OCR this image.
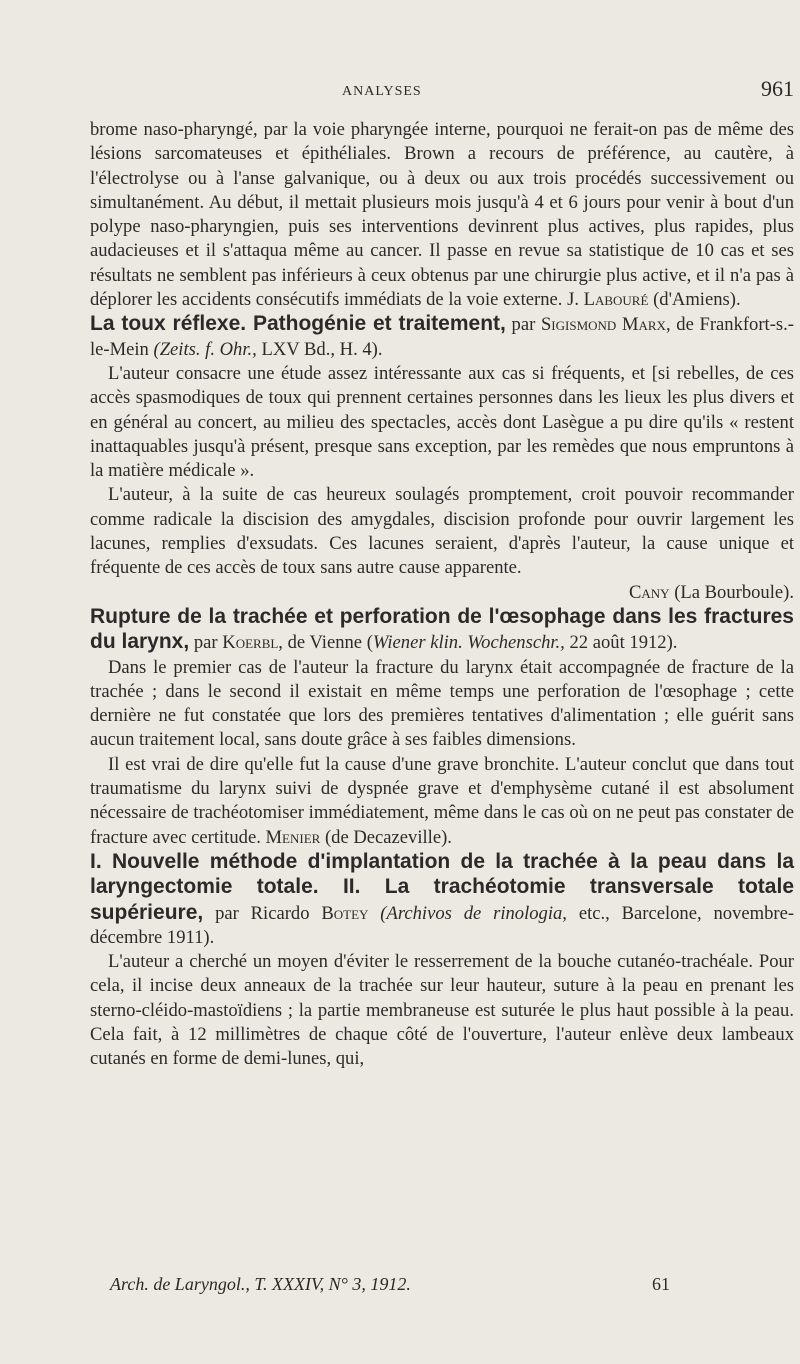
ANALYSES	961

brome naso-pharyngé, par la voie pharyngée interne, pourquoi ne ferait-on pas de même des lésions sarcomateuses et épithéliales. Brown a recours de préférence, au cautère, à l'électrolyse ou à l'anse galvanique, ou à deux ou aux trois procédés successivement ou simultanément. Au début, il mettait plusieurs mois jusqu'à 4 et 6 jours pour venir à bout d'un polype naso-pharyngien, puis ses interventions devinrent plus actives, plus rapides, plus audacieuses et il s'attaqua même au cancer. Il passe en revue sa statistique de 10 cas et ses résultats ne semblent pas inférieurs à ceux obtenus par une chirurgie plus active, et il n'a pas à déplorer les accidents consécutifs immédiats de la voie externe. J. Labouré (d'Amiens).

La toux réflexe. Pathogénie et traitement, par Sigismond Marx, de Frankfort-s.-le-Mein (Zeits. f. Ohr., LXV Bd., H. 4).

L'auteur consacre une étude assez intéressante aux cas si fréquents, et [si rebelles, de ces accès spasmodiques de toux qui prennent certaines personnes dans les lieux les plus divers et en général au concert, au milieu des spectacles, accès dont Lasègue a pu dire qu'ils « restent inattaquables jusqu'à présent, presque sans exception, par les remèdes que nous empruntons à la matière médicale ».

L'auteur, à la suite de cas heureux soulagés promptement, croit pouvoir recommander comme radicale la discision des amygdales, discision profonde pour ouvrir largement les lacunes, remplies d'exsudats. Ces lacunes seraient, d'après l'auteur, la cause unique et fréquente de ces accès de toux sans autre cause apparente.

Cany (La Bourboule).

Rupture de la trachée et perforation de l'œsophage dans les fractures du larynx, par Koerbl, de Vienne (Wiener klin. Wochenschr., 22 août 1912).

Dans le premier cas de l'auteur la fracture du larynx était accompagnée de fracture de la trachée ; dans le second il existait en même temps une perforation de l'œsophage ; cette dernière ne fut constatée que lors des premières tentatives d'alimentation ; elle guérit sans aucun traitement local, sans doute grâce à ses faibles dimensions.

Il est vrai de dire qu'elle fut la cause d'une grave bronchite. L'auteur conclut que dans tout traumatisme du larynx suivi de dyspnée grave et d'emphysème cutané il est absolument nécessaire de trachéotomiser immédiatement, même dans le cas où on ne peut pas constater de fracture avec certitude. Menier (de Decazeville).

I. Nouvelle méthode d'implantation de la trachée à la peau dans la laryngectomie totale. II. La trachéotomie transversale totale supérieure, par Ricardo Botey (Archivos de rinologia, etc., Barcelone, novembre-décembre 1911).

L'auteur a cherché un moyen d'éviter le resserrement de la bouche cutanéo-trachéale. Pour cela, il incise deux anneaux de la trachée sur leur hauteur, suture à la peau en prenant les sterno-cléido-mastoïdiens ; la partie membraneuse est suturée le plus haut possible à la peau. Cela fait, à 12 millimètres de chaque côté de l'ouverture, l'auteur enlève deux lambeaux cutanés en forme de demi-lunes, qui,

Arch. de Laryngol., T. XXXIV, N° 3, 1912.	61
